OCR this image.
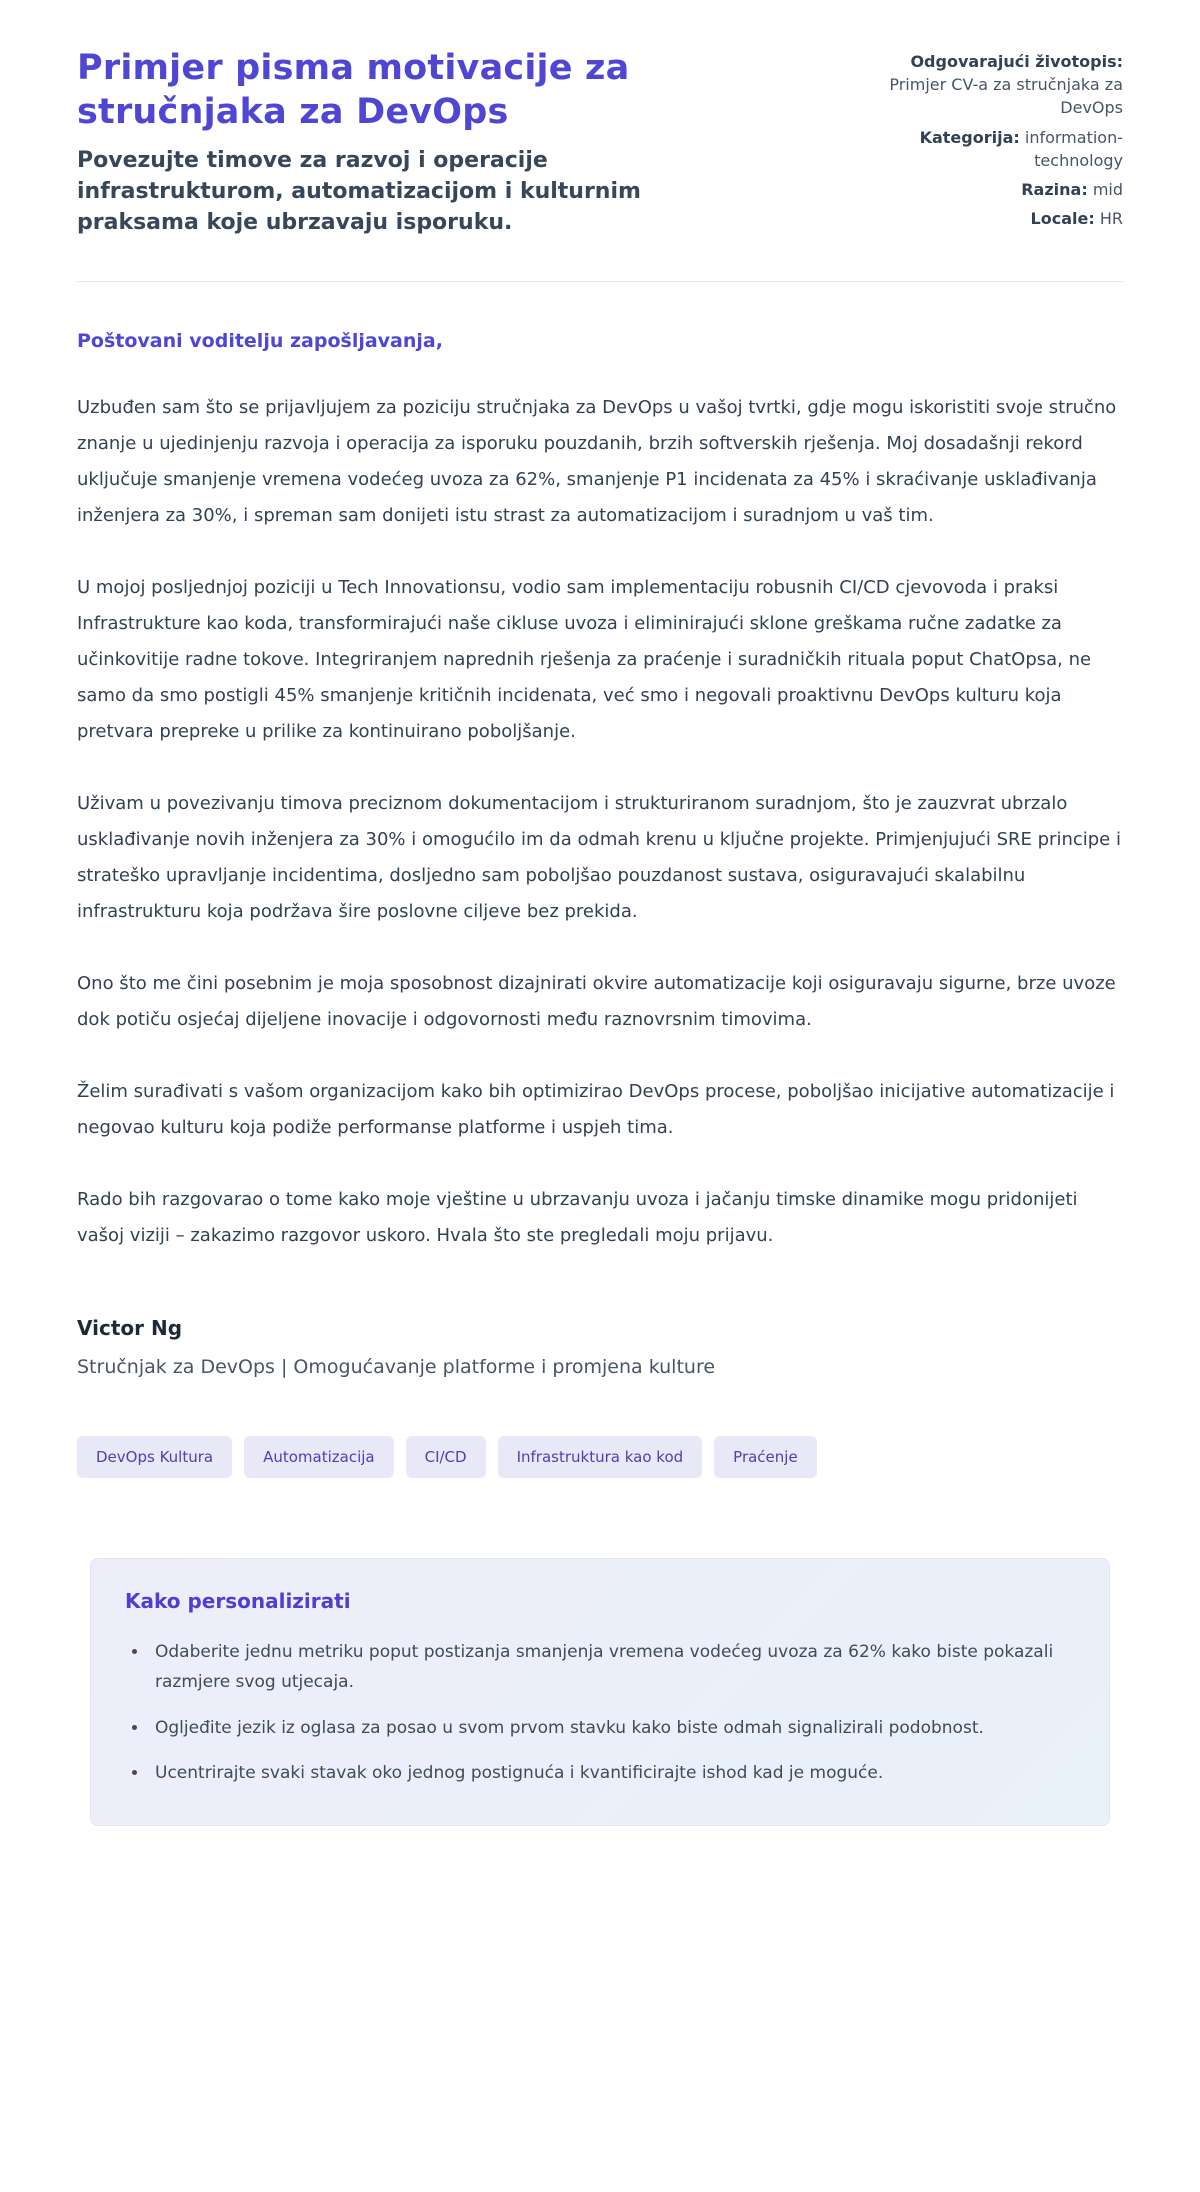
Primjer pisma motivacije za stručnjaka za DevOps

Povezujte timove za razvoj i operacije infrastrukturom, automatizacijom i kulturnim praksama koje ubrzavaju isporuku.

Odgovarajući životopis: Primjer CV-a za stručnjaka za DevOps
Kategorija: information-technology
Razina: mid
Locale: HR

Poštovani voditelju zapošljavanja,

Uzbuđen sam što se prijavljujem za poziciju stručnjaka za DevOps u vašoj tvrtki, gdje mogu iskoristiti svoje stručno znanje u ujedinjenju razvoja i operacija za isporuku pouzdanih, brzih softverskih rješenja. Moj dosadašnji rekord uključuje smanjenje vremena vodećeg uvoza za 62%, smanjenje P1 incidenata za 45% i skraćivanje usklađivanja inženjera za 30%, i spreman sam donijeti istu strast za automatizacijom i suradnjom u vaš tim.

U mojoj posljednjoj poziciji u Tech Innovationsu, vodio sam implementaciju robusnih CI/CD cjevovoda i praksi Infrastrukture kao koda, transformirajući naše cikluse uvoza i eliminirajući sklone greškama ručne zadatke za učinkovitije radne tokove. Integriranjem naprednih rješenja za praćenje i suradničkih rituala poput ChatOpsa, ne samo da smo postigli 45% smanjenje kritičnih incidenata, već smo i negovali proaktivnu DevOps kulturu koja pretvara prepreke u prilike za kontinuirano poboljšanje.

Uživam u povezivanju timova preciznom dokumentacijom i strukturiranom suradnjom, što je zauzvrat ubrzalo usklađivanje novih inženjera za 30% i omogućilo im da odmah krenu u ključne projekte. Primjenjujući SRE principe i strateško upravljanje incidentima, dosljedno sam poboljšao pouzdanost sustava, osiguravajući skalabilnu infrastrukturu koja podržava šire poslovne ciljeve bez prekida.

Ono što me čini posebnim je moja sposobnost dizajnirati okvire automatizacije koji osiguravaju sigurne, brze uvoze dok potiču osjećaj dijeljene inovacije i odgovornosti među raznovrsnim timovima.

Želim surađivati s vašom organizacijom kako bih optimizirao DevOps procese, poboljšao inicijative automatizacije i negovao kulturu koja podiže performanse platforme i uspjeh tima.

Rado bih razgovarao o tome kako moje vještine u ubrzavanju uvoza i jačanju timske dinamike mogu pridonijeti vašoj viziji – zakazimo razgovor uskoro. Hvala što ste pregledali moju prijavu.

Victor Ng

Stručnjak za DevOps | Omogućavanje platforme i promjena kulture

DevOps Kultura	Automatizacija	CI/CD	Infrastruktura kao kod	Praćenje
Kako personalizirati
• Odaberite jednu metriku poput postizanja smanjenja vremena vodećeg uvoza za 62% kako biste pokazali razmjere svog utjecaja.
• Ogljeđite jezik iz oglasa za posao u svom prvom stavku kako biste odmah signalizirali podobnost.
• Ucentrirajte svaki stavak oko jednog postignuća i kvantificirajte ishod kad je moguće.
